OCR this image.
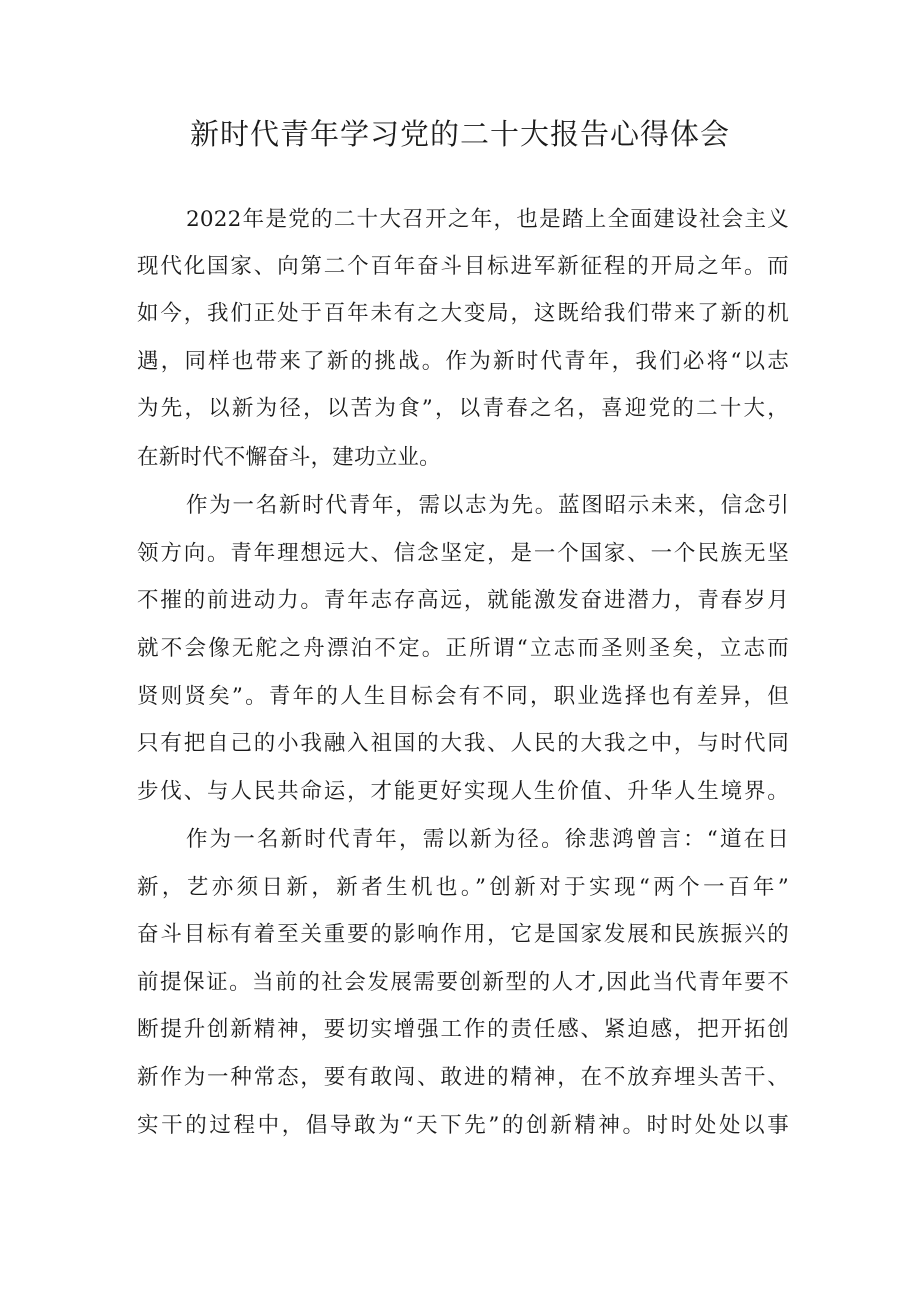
新时代青年学习党的二十大报告心得体会
2022年是党的二十大召开之年，也是踏上全面建设社会主义
现代化国家、向第二个百年奋斗目标进军新征程的开局之年。而
如今，我们正处于百年未有之大变局，这既给我们带来了新的机
遇，同样也带来了新的挑战。作为新时代青年，我们必将“以志
为先，以新为径，以苦为食”，以青春之名，喜迎党的二十大，
在新时代不懈奋斗，建功立业。
作为一名新时代青年，需以志为先。蓝图昭示未来，信念引
领方向。青年理想远大、信念坚定，是一个国家、一个民族无坚
不摧的前进动力。青年志存高远，就能激发奋进潜力，青春岁月
就不会像无舵之舟漂泊不定。正所谓“立志而圣则圣矣，立志而
贤则贤矣”。青年的人生目标会有不同，职业选择也有差异，但
只有把自己的小我融入祖国的大我、人民的大我之中，与时代同
步伐、与人民共命运，才能更好实现人生价值、升华人生境界。
作为一名新时代青年，需以新为径。徐悲鸿曾言：“道在日
新，艺亦须日新，新者生机也。”创新对于实现“两个一百年”
奋斗目标有着至关重要的影响作用，它是国家发展和民族振兴的
前提保证。当前的社会发展需要创新型的人才,因此当代青年要不
断提升创新精神，要切实增强工作的责任感、紧迫感，把开拓创
新作为一种常态，要有敢闯、敢进的精神，在不放弃埋头苦干、
实干的过程中，倡导敢为“天下先”的创新精神。时时处处以事
